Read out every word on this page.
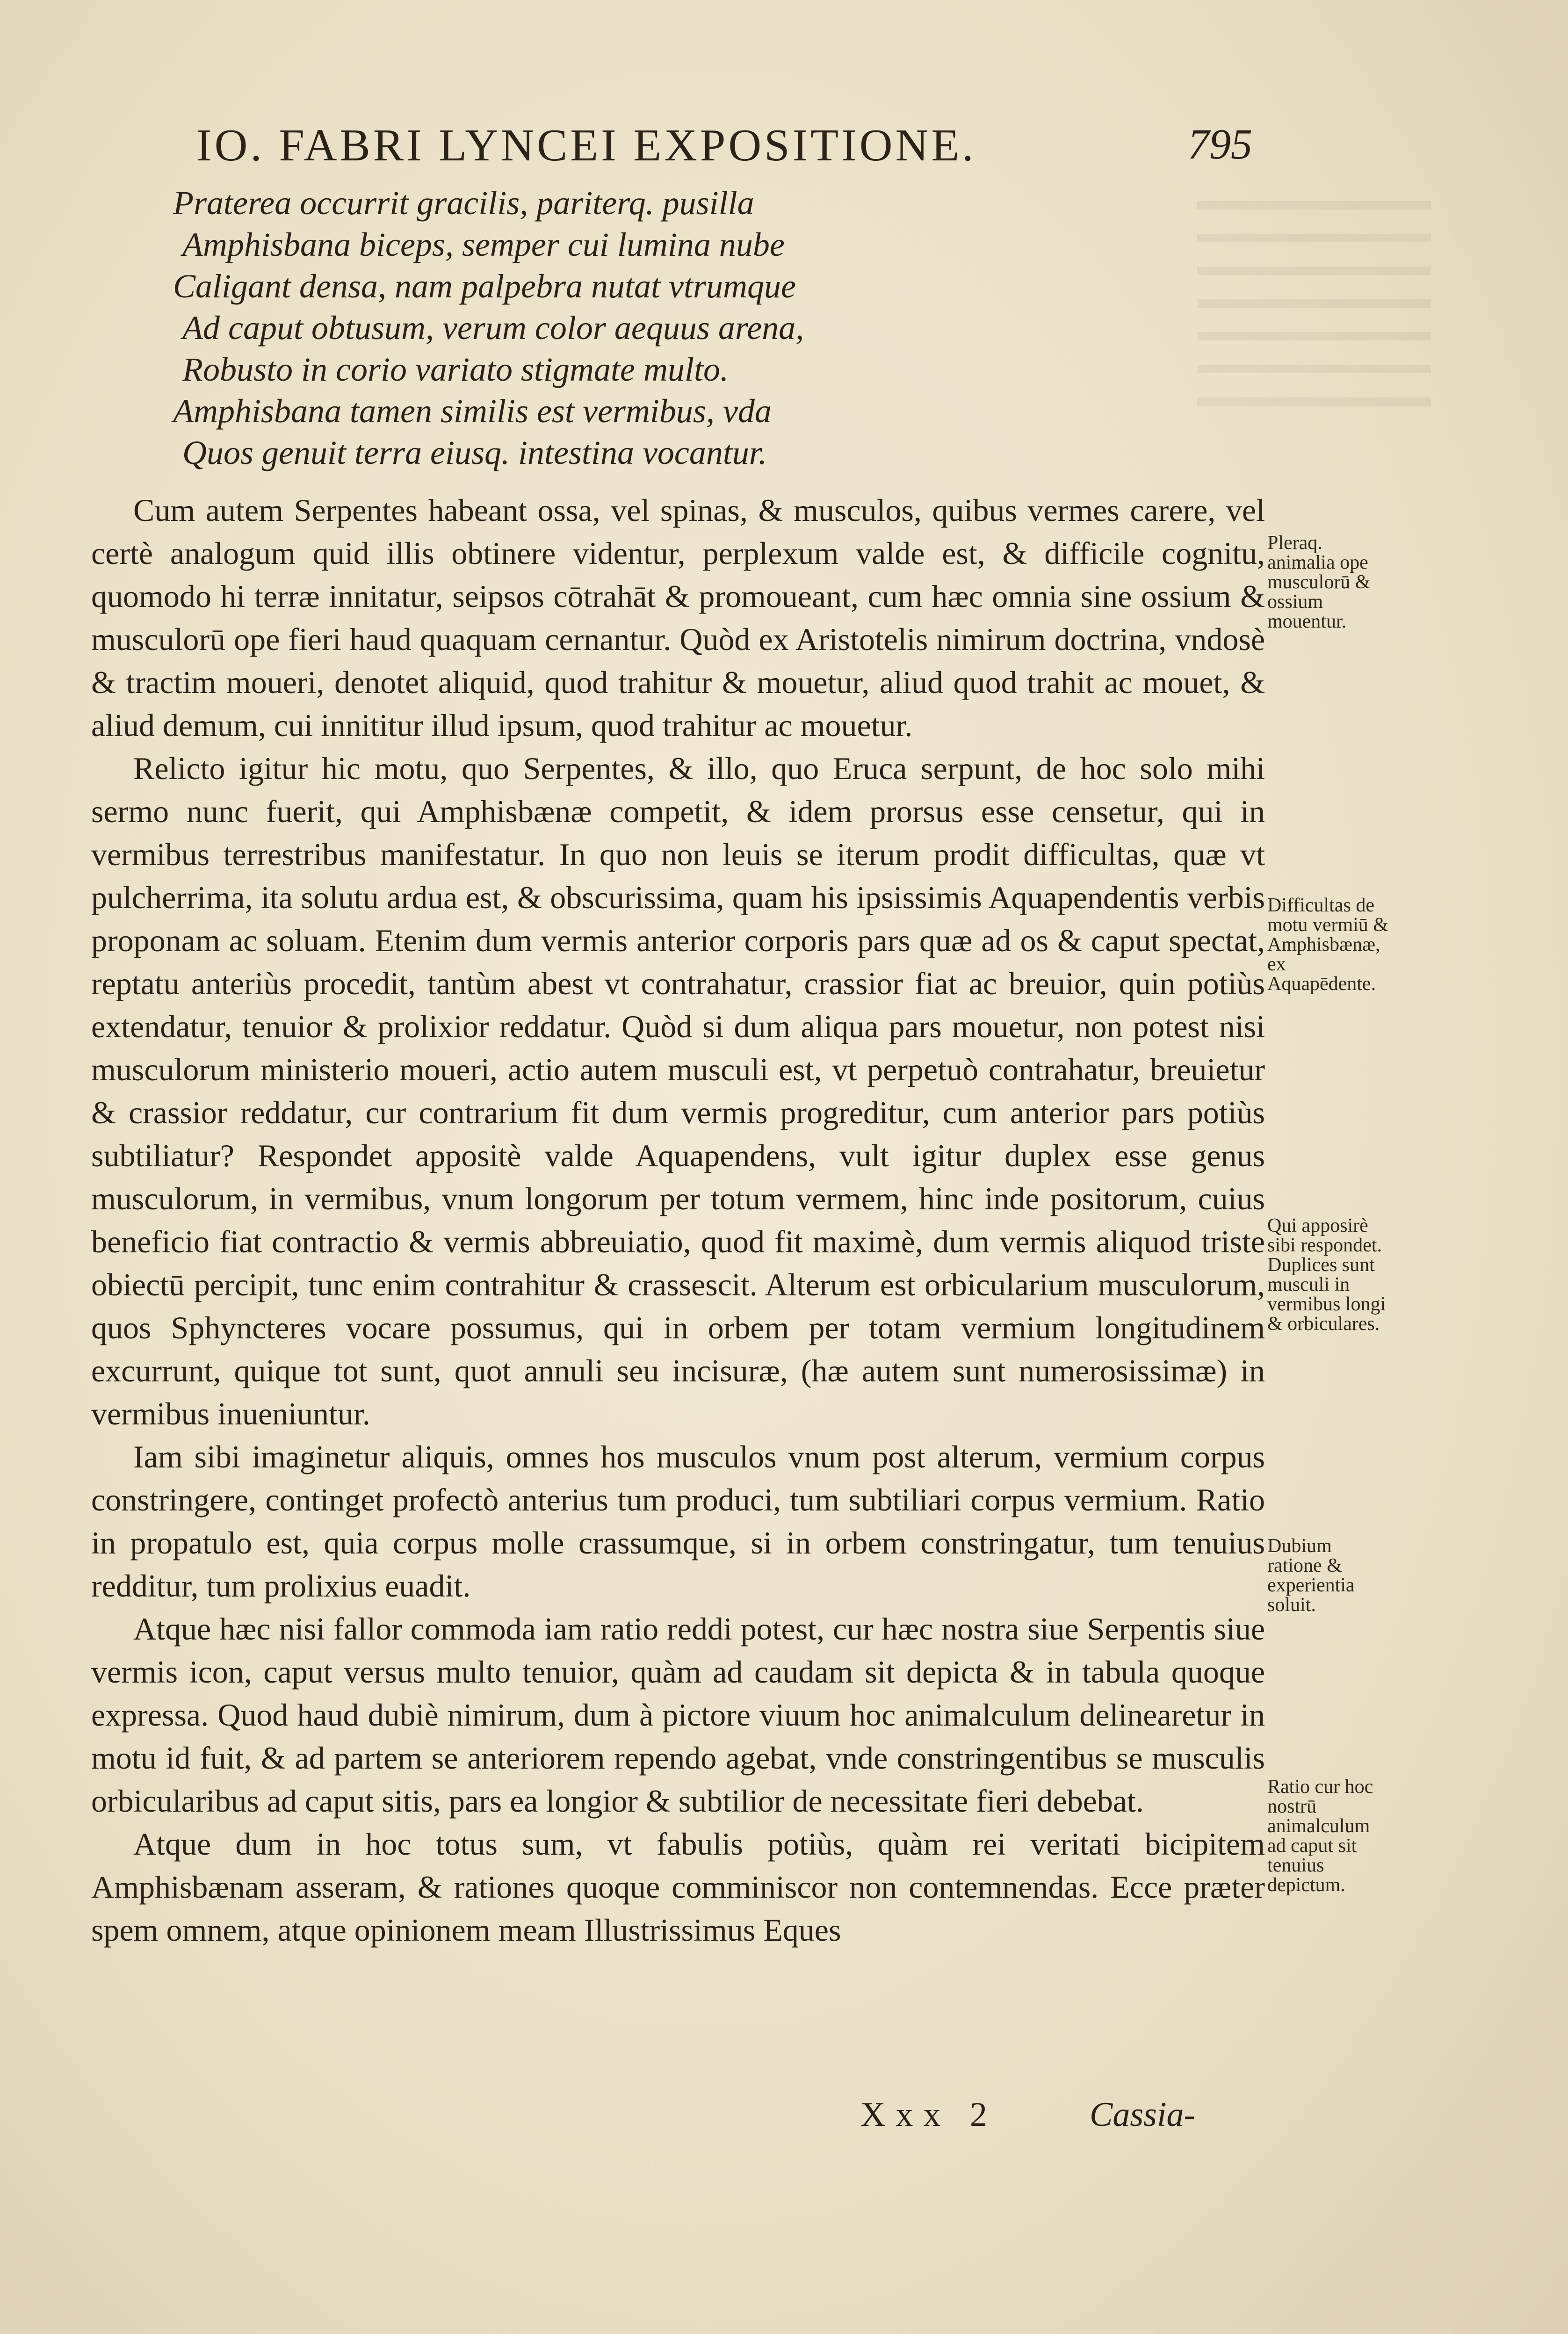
IO. FABRI LYNCEI EXPOSITIONE.	795
Praterea occurrit gracilis, pariterq. pusilla
Amphisbana biceps, semper cui lumina nube
Caligant densa, nam palpebra nutat vtrumque
Ad caput obtusum, verum color aequus arena,
Robusto in corio variato stigmate multo.
Amphisbana tamen similis est vermibus, vda
Quos genuit terra eiusq. intestina vocantur.

Cum autem Serpentes habeant ossa, vel spinas, & musculos, quibus vermes carere, vel certè analogum quid illis obtinere videntur, perplexum valde est, & difficile cognitu, quomodo hi terræ innitatur, seipsos cōtrahāt & promoueant, cum hæc omnia sine ossium & musculorū ope fieri haud quaquam cernantur. Quòd ex Aristotelis nimirum doctrina, vndosè & tractim moueri, denotet aliquid, quod trahitur & mouetur, aliud quod trahit ac mouet, & aliud demum, cui innititur illud ipsum, quod trahitur ac mouetur.

Relicto igitur hic motu, quo Serpentes, & illo, quo Eruca serpunt, de hoc solo mihi sermo nunc fuerit, qui Amphisbænæ competit, & idem prorsus esse censetur, qui in vermibus terrestribus manifestatur. In quo non leuis se iterum prodit difficultas, quæ vt pulcherrima, ita solutu ardua est, & obscurissima, quam his ipsissimis Aquapendentis verbis proponam ac soluam. Etenim dum vermis anterior corporis pars quæ ad os & caput spectat, reptatu anteriùs procedit, tantùm abest vt contrahatur, crassior fiat ac breuior, quin potiùs extendatur, tenuior & prolixior reddatur. Quòd si dum aliqua pars mouetur, non potest nisi musculorum ministerio moueri, actio autem musculi est, vt perpetuò contrahatur, breuietur & crassior reddatur, cur contrarium fit dum vermis progreditur, cum anterior pars potiùs subtiliatur? Respondet appositè valde Aquapendens, vult igitur duplex esse genus musculorum, in vermibus, vnum longorum per totum vermem, hinc inde positorum, cuius beneficio fiat contractio & vermis abbreuiatio, quod fit maximè, dum vermis aliquod triste obiectū percipit, tunc enim contrahitur & crassescit. Alterum est orbicularium musculorum, quos Sphyncteres vocare possumus, qui in orbem per totam vermium longitudinem excurrunt, quique tot sunt, quot annuli seu incisuræ, (hæ autem sunt numerosissimæ) in vermibus inueniuntur.

Iam sibi imaginetur aliquis, omnes hos musculos vnum post alterum, vermium corpus constringere, continget profectò anterius tum produci, tum subtiliari corpus vermium. Ratio in propatulo est, quia corpus molle crassumque, si in orbem constringatur, tum tenuius redditur, tum prolixius euadit.

Atque hæc nisi fallor commoda iam ratio reddi potest, cur hæc nostra siue Serpentis siue vermis icon, caput versus multo tenuior, quàm ad caudam sit depicta & in tabula quoque expressa. Quod haud dubiè nimirum, dum à pictore viuum hoc animalculum delinearetur in motu id fuit, & ad partem se anteriorem rependo agebat, vnde constringentibus se musculis orbicularibus ad caput sitis, pars ea longior & subtilior de necessitate fieri debebat.

Atque dum in hoc totus sum, vt fabulis potiùs, quàm rei veritati bicipitem Amphisbænam asseram, & rationes quoque comminiscor non contemnendas. Ecce præter spem omnem, atque opinionem meam Illustrissimus Eques

Pleraq. animalia ope musculorū & ossium mouentur.
Difficultas de motu vermiū & Amphisbænæ, ex Aquapēdente.
Qui apposirè sibi respondet. Duplices sunt musculi in vermibus longi & orbiculares.
Dubium ratione & experientia soluit.
Ratio cur hoc nostrū animalculum ad caput sit tenuius depictum.
Xxx 2	Cassia-
